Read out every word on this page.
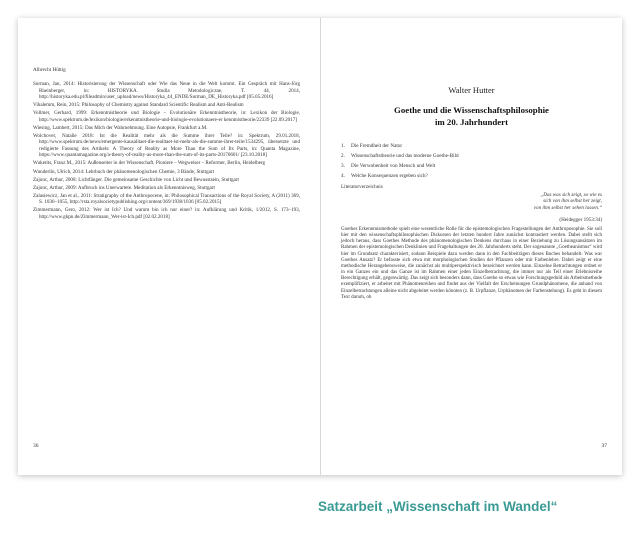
Albrecht Hüttig

Surman, Jan, 2014: Historisierung der Wissenschaft oder Wie das Neue in die Welt kommt. Ein Gespräch mit Hans-Jörg Rheinberger, in: HISTORYKA. Studia Metodologiczne, T. 44, 2014, http://historyka.edu.pl/fileadmin/user_upload/news/Historyka_44_ENDE/Surman_DE_Historyka.pdf [05.05.2016]

Vihalemm, Rein, 2015: Philosophy of Chemistry against Standard Scientific Realism and Anti-Realism

Vollmer, Gerhard, 1999: Erkenntnistheorie und Biologie – Evolutionäre Erkenntnistheorie, in: Lexikon der Biologie, http://www.spektrum.de/lexikon/biologie/erkenntnistheorie-und-biologie-evolutionaere-er kenntnistheorie/22339 [22.09.2017]

Wiesing, Lambert, 2015: Das Mich der Wahrnehmung. Eine Autopsie, Frankfurt a.M.

Wolchover, Natalie 2018: Ist die Realität mehr als die Summe ihrer Teile? in: Spektrum, 29.01.2018, http://www.spektrum.de/news/emergente-kausalitaet-die-realitaet-ist-mehr-als-die-summe-ihrer-teile/1534295, übersetzte und redigierte Fassung des Artikels: A Theory of Reality as More Than the Sum of Its Parts, in: Quanta Magazine, https://www.quantamagazine.org/a-theory-of-reality-as-more-than-the-sum-of-its-parts-20170601/ [23.10.2018]

Wuketits, Franz M., 2015: Außenseiter in der Wissenschaft. Pioniere – Wegweiser – Reformer, Berlin, Heidelberg

Wunderlin, Ulrich, 2014: Lehrbuch der phänomenologischen Chemie, 3 Bände, Stuttgart

Zajonc, Arthur, 2008: Lichtfänger. Die gemeinsame Geschichte von Licht und Bewusstsein, Stuttgart

Zajonc, Arthur, 2009: Aufbruch ins Unerwartete. Meditation als Erkenntnisweg, Stuttgart

Zalasiewicz, Jan et al., 2011: Stratigraphy of the Anthropocene, in: Philosophical Transactions of the Royal Society, A (2011) 369, S. 1036–1055, http://rsta.royalsocietypublishing.org/content/369/1938/1036 [05.02.2015]

Zimmermann, Gero, 2012: Wer ist Ich? Und warum bin ich nur einer? in: Aufklärung und Kritik, 1/2012, S. 173–193, http://www.gkpn.de/Zimmermann_Wer-ist-Ich.pdf [02.02.2018]

36
Walter Hutter
Goethe und die Wissenschaftsphilosophie
im 20. Jahrhundert
1. Die Fremdheit der Natur
2. Wissenschaftstheorie und das moderne Goethe-Bild
3. Die Verwobenheit von Mensch und Welt
4. Welche Konsequenzen ergeben sich?
Literaturverzeichnis
„Das was sich zeigt, so wie es
sich von ihm selbst her zeigt,
von ihm selbst her sehen lassen.“
(Heidegger 1953:34)
Goethes Erkenntnismethode spielt eine wesentliche Rolle für die epistemologischen Fragestellungen der Anthroposophie. Sie soll hier mit den wissenschaftsphilosophischen Diskursen der letzten hundert Jahre zunächst kontrastiert werden. Dabei stellt sich jedoch heraus, dass Goethes Methode des phänomenologischen Denkens durchaus in einer Beziehung zu Lösungsansätzen im Rahmen der epistemologischen Denklinien und Fragehaltungen des 20. Jahrhunderts steht. Der sogenannte „Goetheanismus“ wird hier im Grundsatz charakterisiert, sodann Beispiele dazu werden dann in den Fachbeiträgen dieses Buches behandelt. Was war Goethes Ansatz? Er befasste sich etwa mit morphologischen Studien der Pflanzen oder mit Farbenlehre. Dabei zeigt er eine methodische Herangehensweise, die zunächst als multiperspektivisch bezeichnet werden kann. Einzelne Betrachtungen ordnet er in ein Ganzes ein und das Ganze ist im Rahmen einer jeden Einzelbetrachtung, die immer nur als Teil einer Erlebnisreihe Berechtigung erhält, gegenwärtig. Das zeigt sich besonders dann, dass Goethe so etwas wie Forschungsgeduld als Arbeitsmethode exemplifiziert, er arbeitet mit Phänomenreihen und findet aus der Vielfalt der Erscheinungen Grundphänomene, die anhand von Einzelbetrachtungen alleine nicht abgeleitet werden könnten (z. B. Urpflanze, Urphänomen der Farbenstehung). Es geht in diesem Text darum, ob
37
Satzarbeit „Wissenschaft im Wandel“
